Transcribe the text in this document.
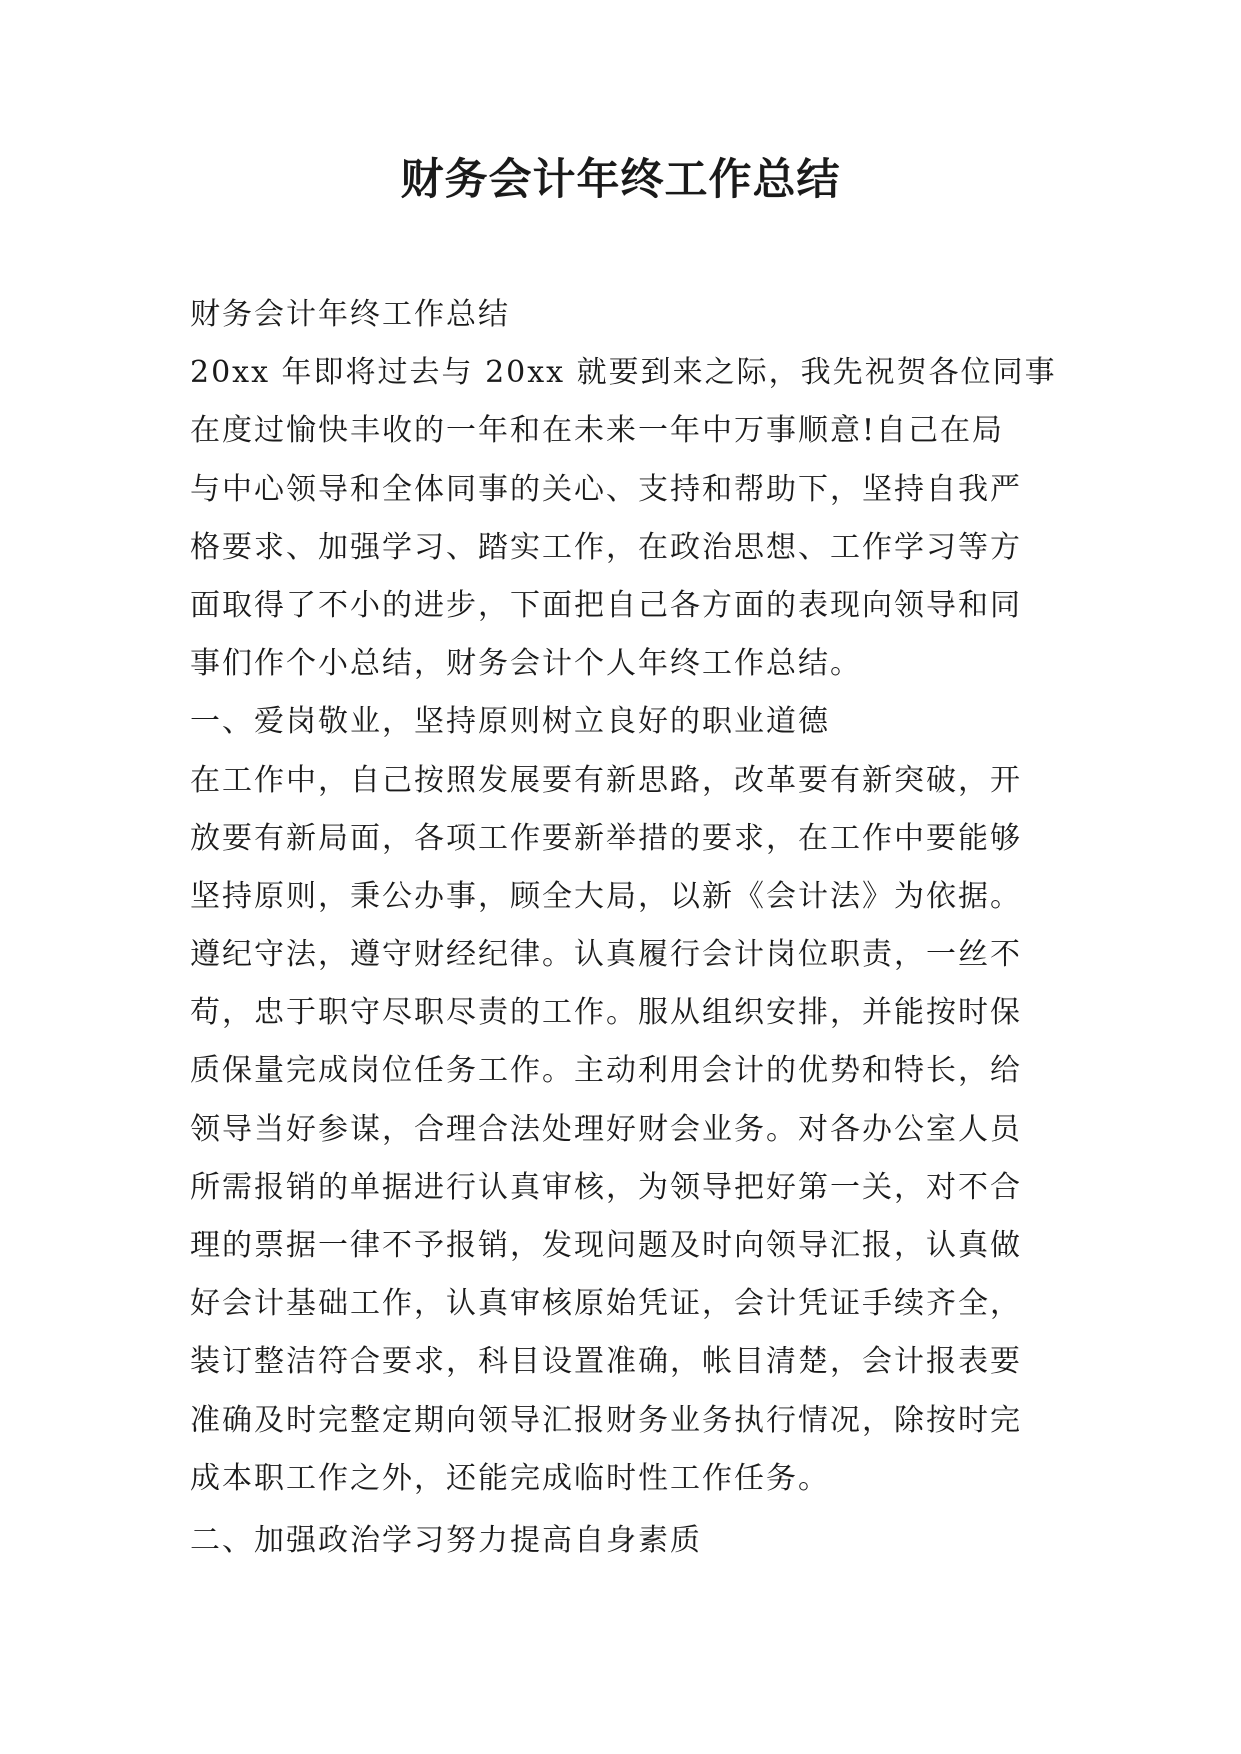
财务会计年终工作总结
财务会计年终工作总结
20xx 年即将过去与 20xx 就要到来之际，我先祝贺各位同事
在度过愉快丰收的一年和在未来一年中万事顺意!自己在局
与中心领导和全体同事的关心、支持和帮助下，坚持自我严
格要求、加强学习、踏实工作，在政治思想、工作学习等方
面取得了不小的进步，下面把自己各方面的表现向领导和同
事们作个小总结，财务会计个人年终工作总结。
一、爱岗敬业，坚持原则树立良好的职业道德
在工作中，自己按照发展要有新思路，改革要有新突破，开
放要有新局面，各项工作要新举措的要求，在工作中要能够
坚持原则，秉公办事，顾全大局，以新《会计法》为依据。
遵纪守法，遵守财经纪律。认真履行会计岗位职责，一丝不
苟，忠于职守尽职尽责的工作。服从组织安排，并能按时保
质保量完成岗位任务工作。主动利用会计的优势和特长，给
领导当好参谋，合理合法处理好财会业务。对各办公室人员
所需报销的单据进行认真审核，为领导把好第一关，对不合
理的票据一律不予报销，发现问题及时向领导汇报，认真做
好会计基础工作，认真审核原始凭证，会计凭证手续齐全，
装订整洁符合要求，科目设置准确，帐目清楚，会计报表要
准确及时完整定期向领导汇报财务业务执行情况，除按时完
成本职工作之外，还能完成临时性工作任务。
二、加强政治学习努力提高自身素质
